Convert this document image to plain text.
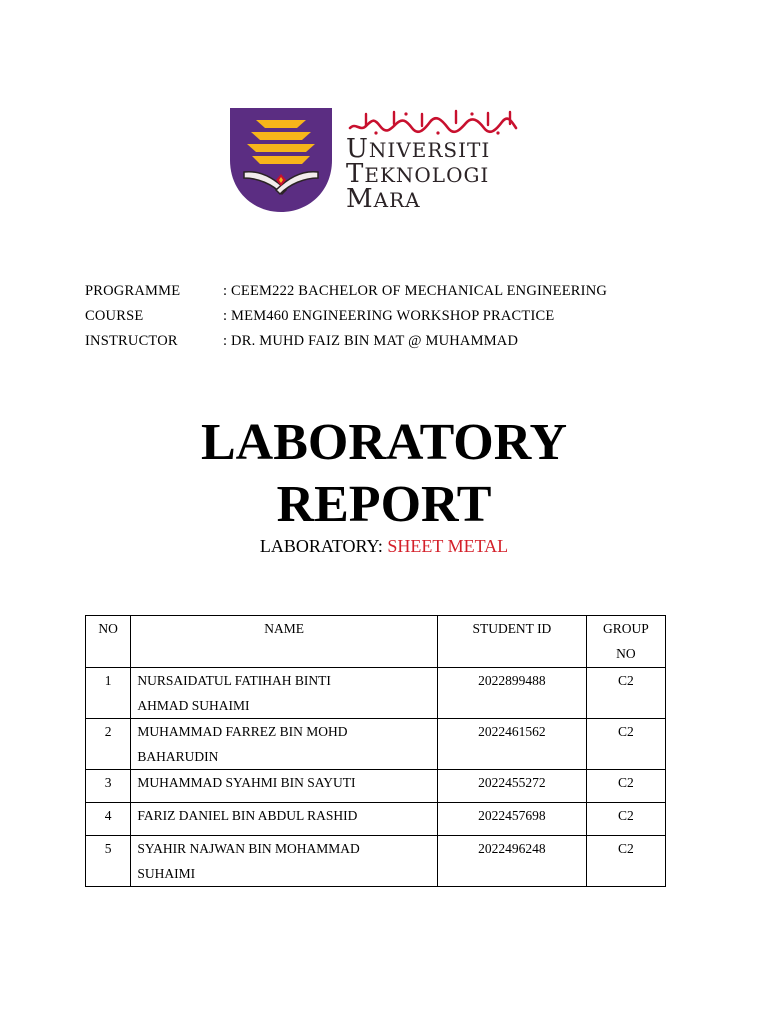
UNIVERSITI
TEKNOLOGI
MARA
PROGRAMME	: CEEM222 BACHELOR OF MECHANICAL ENGINEERING
COURSE	: MEM460 ENGINEERING WORKSHOP PRACTICE
INSTRUCTOR	: DR. MUHD FAIZ BIN MAT @ MUHAMMAD
LABORATORY
REPORT
LABORATORY: SHEET METAL
NO	NAME	STUDENT ID	GROUP
NO

1	NURSAIDATUL FATIHAH BINTI
AHMAD SUHAIMI	2022899488	C2
2	MUHAMMAD FARREZ BIN MOHD
BAHARUDIN	2022461562	C2
3	MUHAMMAD SYAHMI BIN SAYUTI	2022455272	C2
4	FARIZ DANIEL BIN ABDUL RASHID	2022457698	C2
5	SYAHIR NAJWAN BIN MOHAMMAD
SUHAIMI	2022496248	C2
